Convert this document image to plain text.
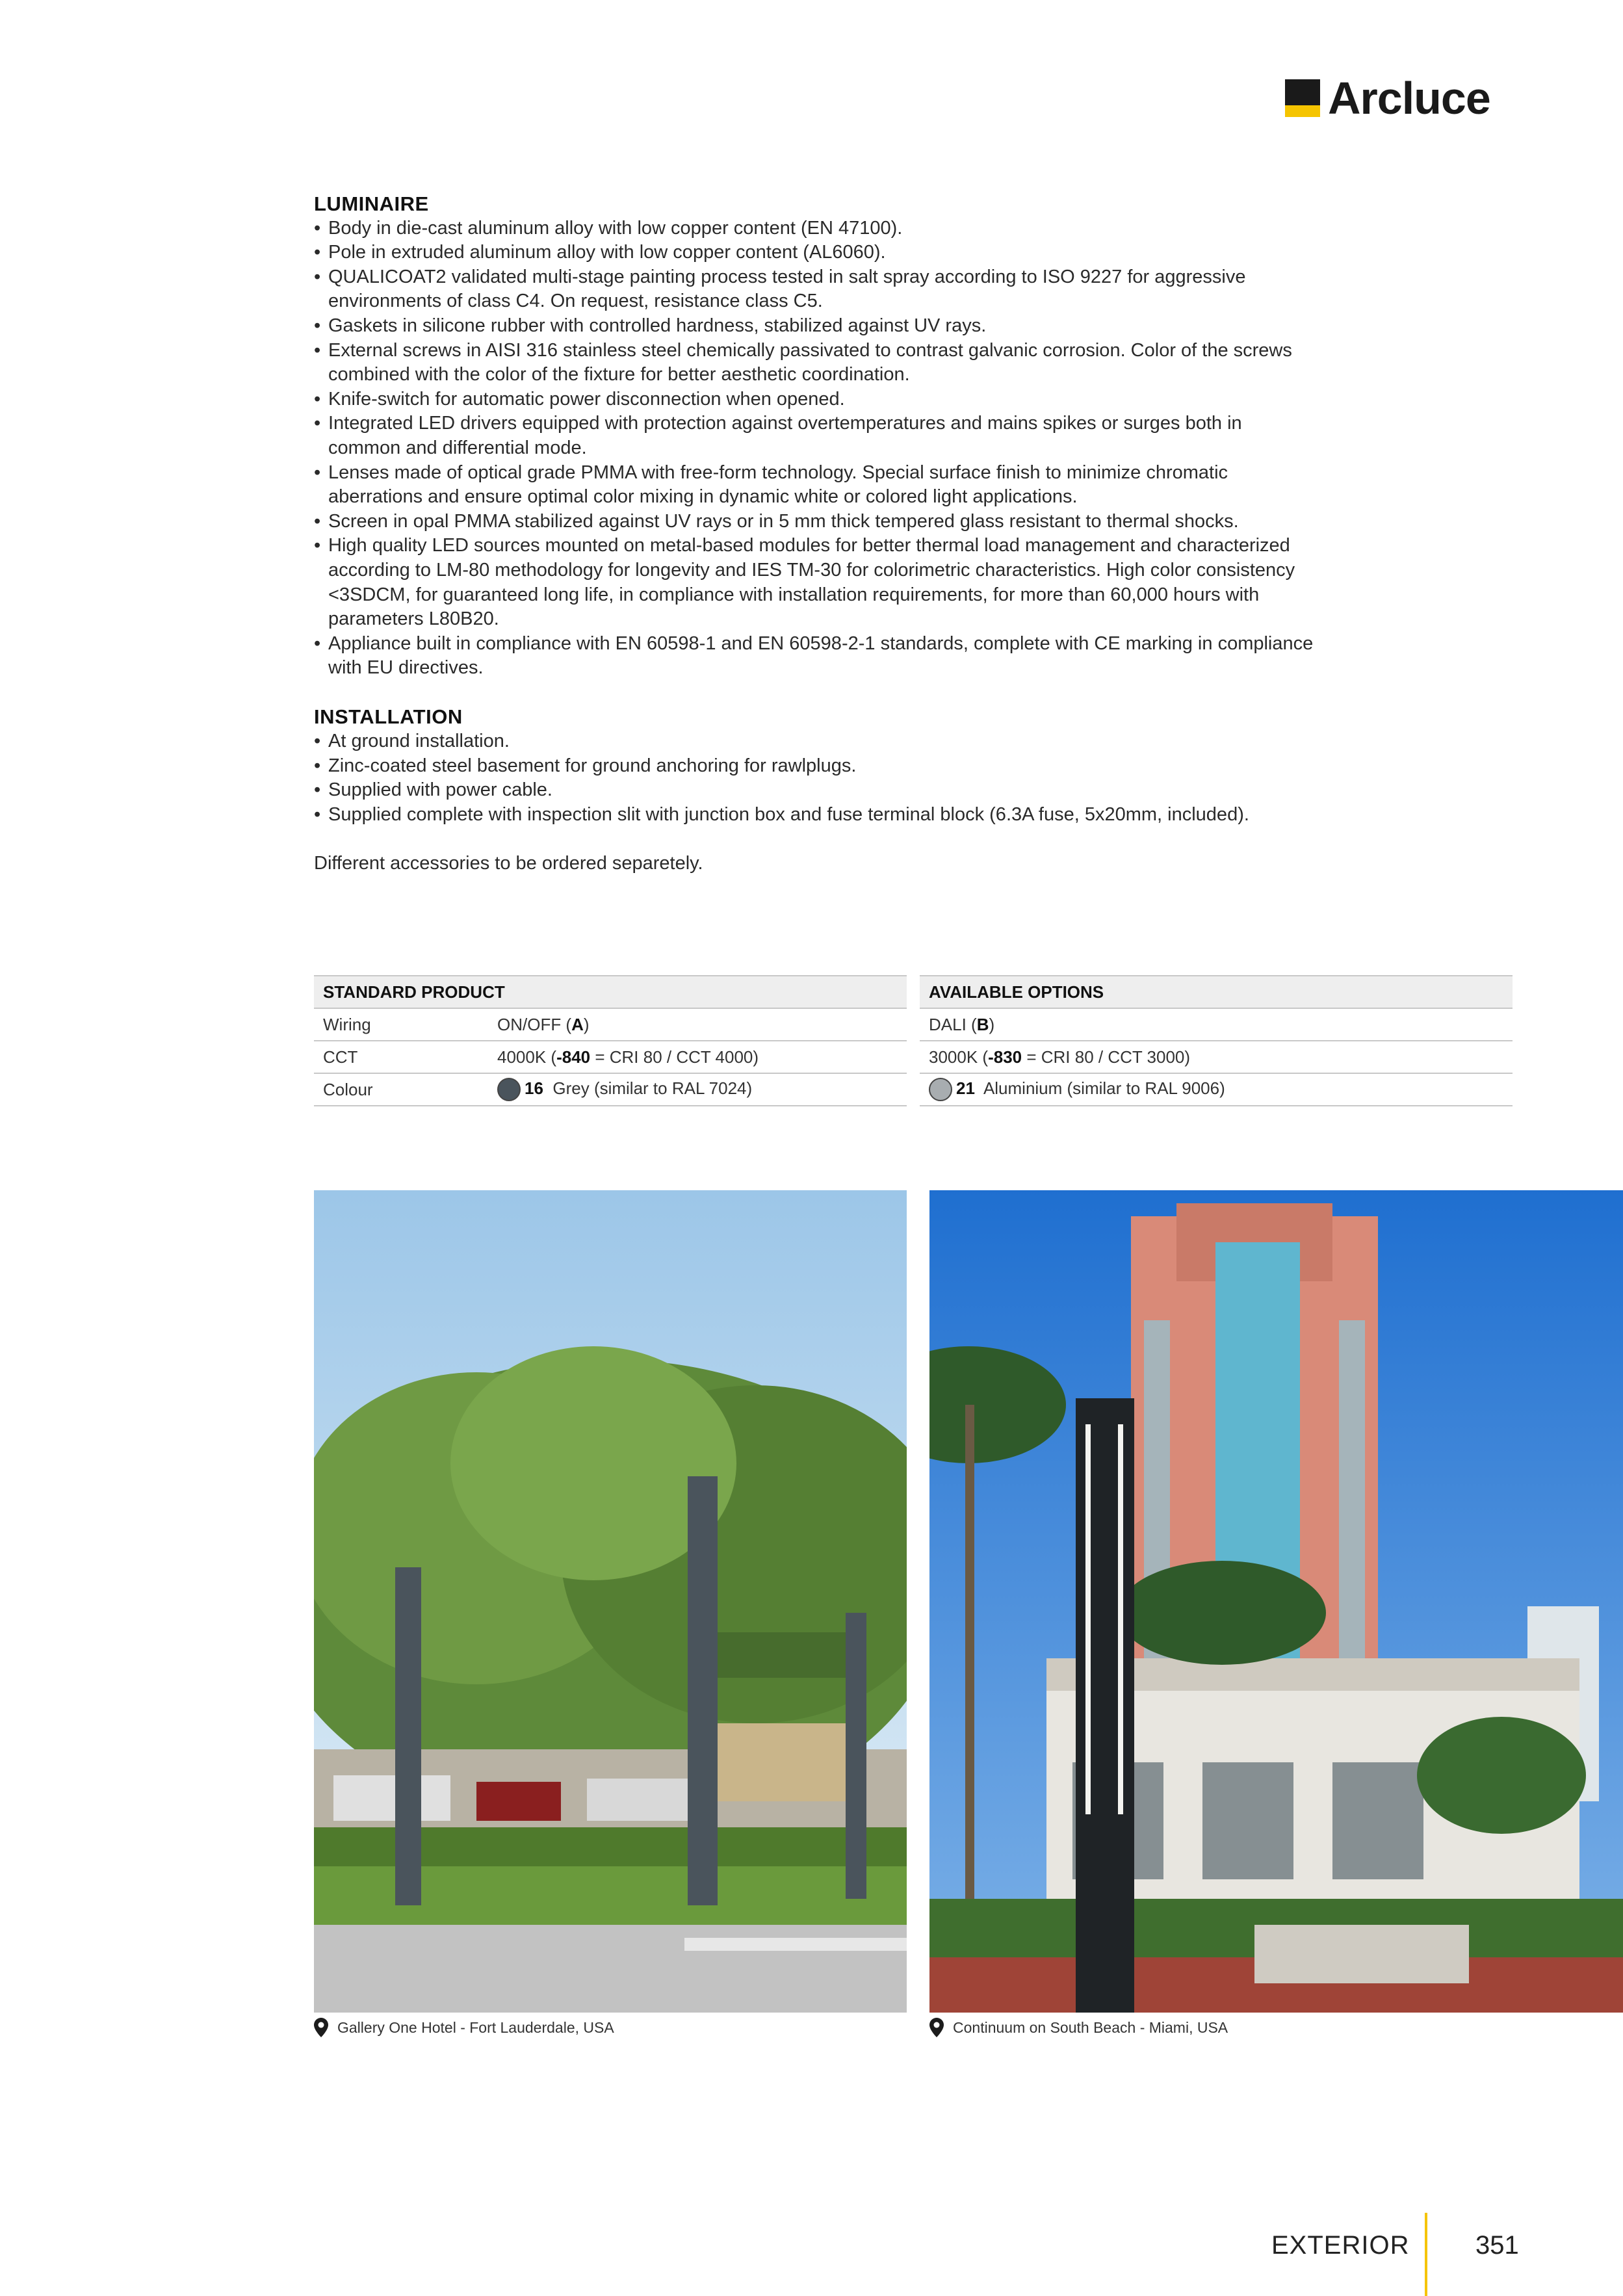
Arcluce
LUMINAIRE
• Body in die-cast aluminum alloy with low copper content (EN 47100).
• Pole in extruded aluminum alloy with low copper content (AL6060).
• QUALICOAT2 validated multi-stage painting process tested in salt spray according to ISO 9227 for aggressive environments of class C4. On request, resistance class C5.
• Gaskets in silicone rubber with controlled hardness, stabilized against UV rays.
• External screws in AISI 316 stainless steel chemically passivated to contrast galvanic corrosion. Color of the screws combined with the color of the fixture for better aesthetic coordination.
• Knife-switch for automatic power disconnection when opened.
• Integrated LED drivers equipped with protection against overtemperatures and mains spikes or surges both in common and differential mode.
• Lenses made of optical grade PMMA with free-form technology. Special surface finish to minimize chromatic aberrations and ensure optimal color mixing in dynamic white or colored light applications.
• Screen in opal PMMA stabilized against UV rays or in 5 mm thick tempered glass resistant to thermal shocks.
• High quality LED sources mounted on metal-based modules for better thermal load management and characterized according to LM-80 methodology for longevity and IES TM-30 for colorimetric characteristics. High color consistency <3SDCM, for guaranteed long life, in compliance with installation requirements, for more than 60,000 hours with parameters L80B20.
• Appliance built in compliance with EN 60598-1 and EN 60598-2-1 standards, complete with CE marking in compliance with EU directives.
INSTALLATION
• At ground installation.
• Zinc-coated steel basement for ground anchoring for rawlplugs.
• Supplied with power cable.
• Supplied complete with inspection slit with junction box and fuse terminal block (6.3A fuse, 5x20mm, included).
Different accessories to be ordered separetely.
STANDARD PRODUCT	
Wiring	ON/OFF (A)
CCT	4000K (-840 = CRI 80 / CCT 4000)
Colour	16 Grey (similar to RAL 7024)
AVAILABLE OPTIONS
DALI (B)
3000K (-830 = CRI 80 / CCT 3000)
21 Aluminium (similar to RAL 9006)
Gallery One Hotel - Fort Lauderdale, USA	Continuum on South Beach - Miami, USA
EXTERIOR	351
